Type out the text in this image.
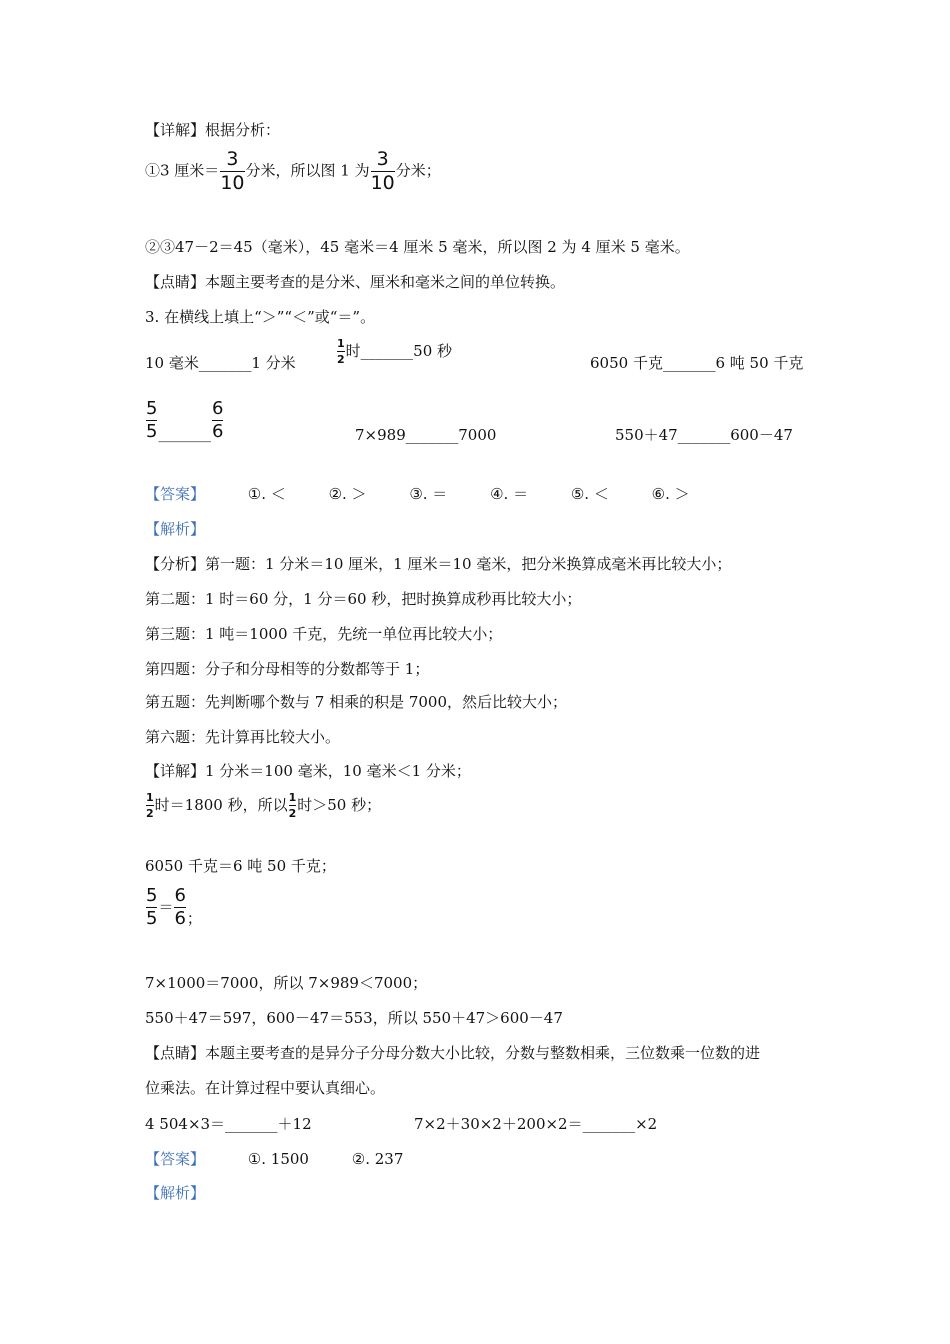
【详解】根据分析：
①3 厘米＝ $\frac{3}{10}$ 分米，所以图 1 为 $\frac{3}{10}$ 分米；
②③47－2＝45（毫米），45 毫米＝4 厘米 5 毫米，所以图 2 为 4 厘米 5 毫米。
【点睛】本题主要考查的是分米、厘米和毫米之间的单位转换。
3. 在横线上填上“＞”“＜”或“＝”。
10 毫米_______1 分米	$\frac{1}{2}$ 时_______50 秒
6050 千克_______6 吨 50 千克
$\frac{5}{5}$ _______ $\frac{6}{6}$	7×989_______7000	550＋47_______600－47
【答案】	①. ＜	②. ＞	③. ＝	④. ＝	⑤. ＜	⑥. ＞
【解析】
【分析】第一题：1 分米＝10 厘米，1 厘米＝10 毫米，把分米换算成毫米再比较大小；
第二题：1 时＝60 分，1 分＝60 秒，把时换算成秒再比较大小；
第三题：1 吨＝1000 千克，先统一单位再比较大小；
第四题：分子和分母相等的分数都等于 1；
第五题：先判断哪个数与 7 相乘的积是 7000，然后比较大小；
第六题：先计算再比较大小。
【详解】1 分米＝100 毫米，10 毫米＜1 分米；
$\frac{1}{2}$ 时＝1800 秒，所以 $\frac{1}{2}$ 时＞50 秒；
6050 千克＝6 吨 50 千克；
$\frac{5}{5} = \frac{6}{6}$ ；
7×1000＝7000，所以 7×989＜7000；
550＋47＝597，600－47＝553，所以 550＋47＞600－47
【点睛】本题主要考查的是异分子分母分数大小比较，分数与整数相乘，三位数乘一位数的进
位乘法。在计算过程中要认真细心。
4 504×3＝_______＋12	7×2＋30×2＋200×2＝_______×2
【答案】	①. 1500	②. 237
【解析】
